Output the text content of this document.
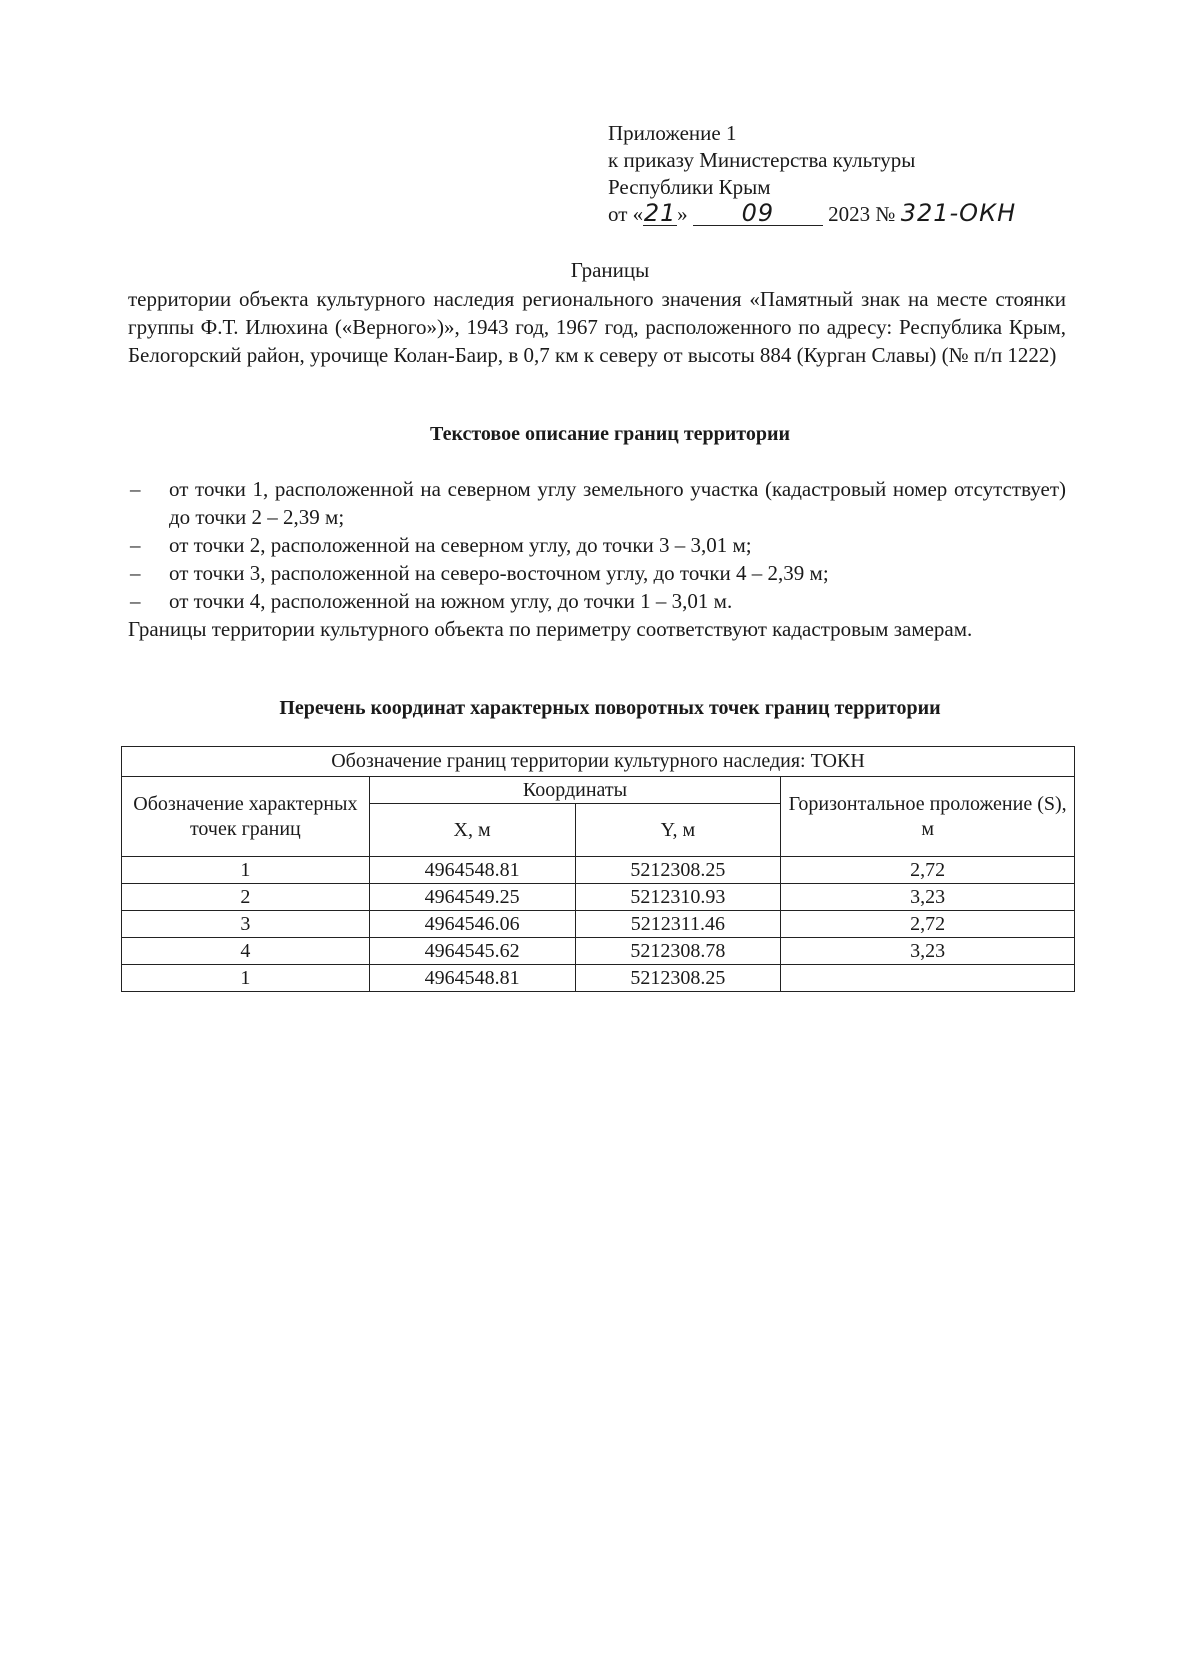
Приложение 1
к приказу Министерства культуры
Республики Крым
от «21» 09	2023 № 321-ОКН
Границы
территории объекта культурного наследия регионального значения «Памятный знак на месте стоянки группы Ф.Т. Илюхина («Верного»)», 1943 год, 1967 год, расположенного по адресу: Республика Крым, Белогорский район, урочище Колан-Баир, в 0,7 км к северу от высоты 884 (Курган Славы) (№ п/п 1222)
Текстовое описание границ территории
– от точки 1, расположенной на северном углу земельного участка (кадастровый номер отсутствует) до точки 2 – 2,39 м;
– от точки 2, расположенной на северном углу, до точки 3 – 3,01 м;
– от точки 3, расположенной на северо-восточном углу, до точки 4 – 2,39 м;
– от точки 4, расположенной на южном углу, до точки 1 – 3,01 м.

Границы территории культурного объекта по периметру соответствуют кадастровым замерам.

Перечень координат характерных поворотных точек границ территории
Обозначение границ территории культурного наследия: ТОКН			
Обозначение характерных точек границ	Координаты		Горизонтальное проложение (S), м
	X, м	Y, м	
1	4964548.81	5212308.25	2,72
2	4964549.25	5212310.93	3,23
3	4964546.06	5212311.46	2,72
4	4964545.62	5212308.78	3,23
1	4964548.81	5212308.25	
